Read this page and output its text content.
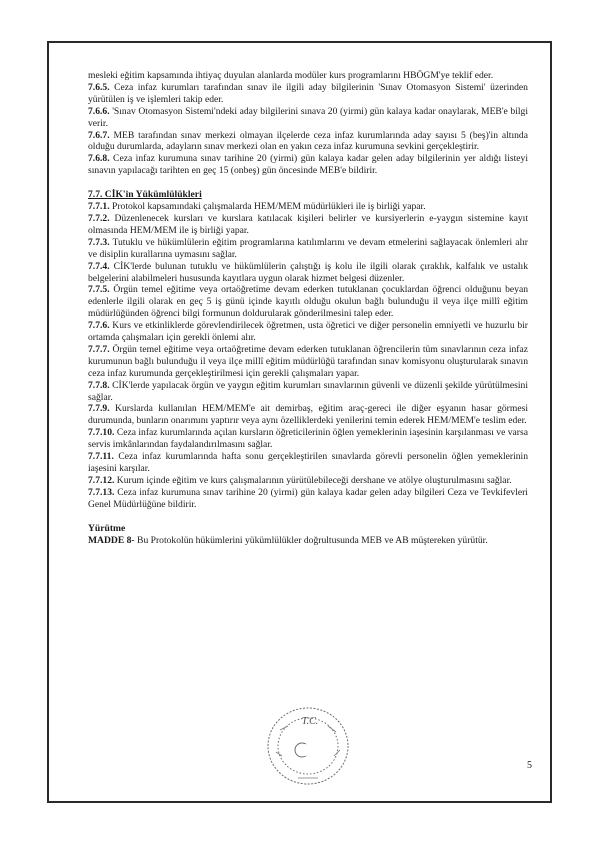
mesleki eğitim kapsamında ihtiyaç duyulan alanlarda modüler kurs programlarını HBÖGM'ye teklif eder.

7.6.5. Ceza infaz kurumları tarafından sınav ile ilgili aday bilgilerinin 'Sınav Otomasyon Sistemi' üzerinden yürütülen iş ve işlemleri takip eder.

7.6.6. 'Sınav Otomasyon Sistemi'ndeki aday bilgilerini sınava 20 (yirmi) gün kalaya kadar onaylarak, MEB'e bilgi verir.

7.6.7. MEB tarafından sınav merkezi olmayan ilçelerde ceza infaz kurumlarında aday sayısı 5 (beş)'in altında olduğu durumlarda, adayların sınav merkezi olan en yakın ceza infaz kurumuna sevkini gerçekleştirir.

7.6.8. Ceza infaz kurumuna sınav tarihine 20 (yirmi) gün kalaya kadar gelen aday bilgilerinin yer aldığı listeyi sınavın yapılacağı tarihten en geç 15 (onbeş) gün öncesinde MEB'e bildirir.

7.7. CİK'in Yükümlülükleri

7.7.1. Protokol kapsamındaki çalışmalarda HEM/MEM müdürlükleri ile iş birliği yapar.

7.7.2. Düzenlenecek kursları ve kurslara katılacak kişileri belirler ve kursiyerlerin e-yaygın sistemine kayıt olmasında HEM/MEM ile iş birliği yapar.

7.7.3. Tutuklu ve hükümlülerin eğitim programlarına katılımlarını ve devam etmelerini sağlayacak önlemleri alır ve disiplin kurallarına uymasını sağlar.

7.7.4. CİK'lerde bulunan tutuklu ve hükümlülerin çalıştığı iş kolu ile ilgili olarak çıraklık, kalfalık ve ustalık belgelerini alabilmeleri hususunda kayıtlara uygun olarak hizmet belgesi düzenler.

7.7.5. Örgün temel eğitime veya ortaöğretime devam ederken tutuklanan çocuklardan öğrenci olduğunu beyan edenlerle ilgili olarak en geç 5 iş günü içinde kayıtlı olduğu okulun bağlı bulunduğu il veya ilçe millî eğitim müdürlüğünden öğrenci bilgi formunun doldurularak gönderilmesini talep eder.

7.7.6. Kurs ve etkinliklerde görevlendirilecek öğretmen, usta öğretici ve diğer personelin emniyetli ve huzurlu bir ortamda çalışmaları için gerekli önlemi alır.

7.7.7. Örgün temel eğitime veya ortaöğretime devam ederken tutuklanan öğrencilerin tüm sınavlarının ceza infaz kurumunun bağlı bulunduğu il veya ilçe millî eğitim müdürlüğü tarafından sınav komisyonu oluşturularak sınavın ceza infaz kurumunda gerçekleştirilmesi için gerekli çalışmaları yapar.

7.7.8. CİK'lerde yapılacak örgün ve yaygın eğitim kurumları sınavlarının güvenli ve düzenli şekilde yürütülmesini sağlar.

7.7.9. Kurslarda kullanılan HEM/MEM'e ait demirbaş, eğitim araç-gereci ile diğer eşyanın hasar görmesi durumunda, bunların onarımını yaptırır veya aynı özelliklerdeki yenilerini temin ederek HEM/MEM'e teslim eder.

7.7.10. Ceza infaz kurumlarında açılan kursların öğreticilerinin öğlen yemeklerinin iaşesinin karşılanması ve varsa servis imkânlarından faydalandırılmasını sağlar.

7.7.11. Ceza infaz kurumlarında hafta sonu gerçekleştirilen sınavlarda görevli personelin öğlen yemeklerinin iaşesini karşılar.

7.7.12. Kurum içinde eğitim ve kurs çalışmalarının yürütülebileceği dershane ve atölye oluşturulmasını sağlar.

7.7.13. Ceza infaz kurumuna sınav tarihine 20 (yirmi) gün kalaya kadar gelen aday bilgileri Ceza ve Tevkifevleri Genel Müdürlüğüne bildirir.

Yürütme

MADDE 8- Bu Protokolün hükümlerini yükümlülükler doğrultusunda MEB ve AB müştereken yürütür.

T.C.
5
